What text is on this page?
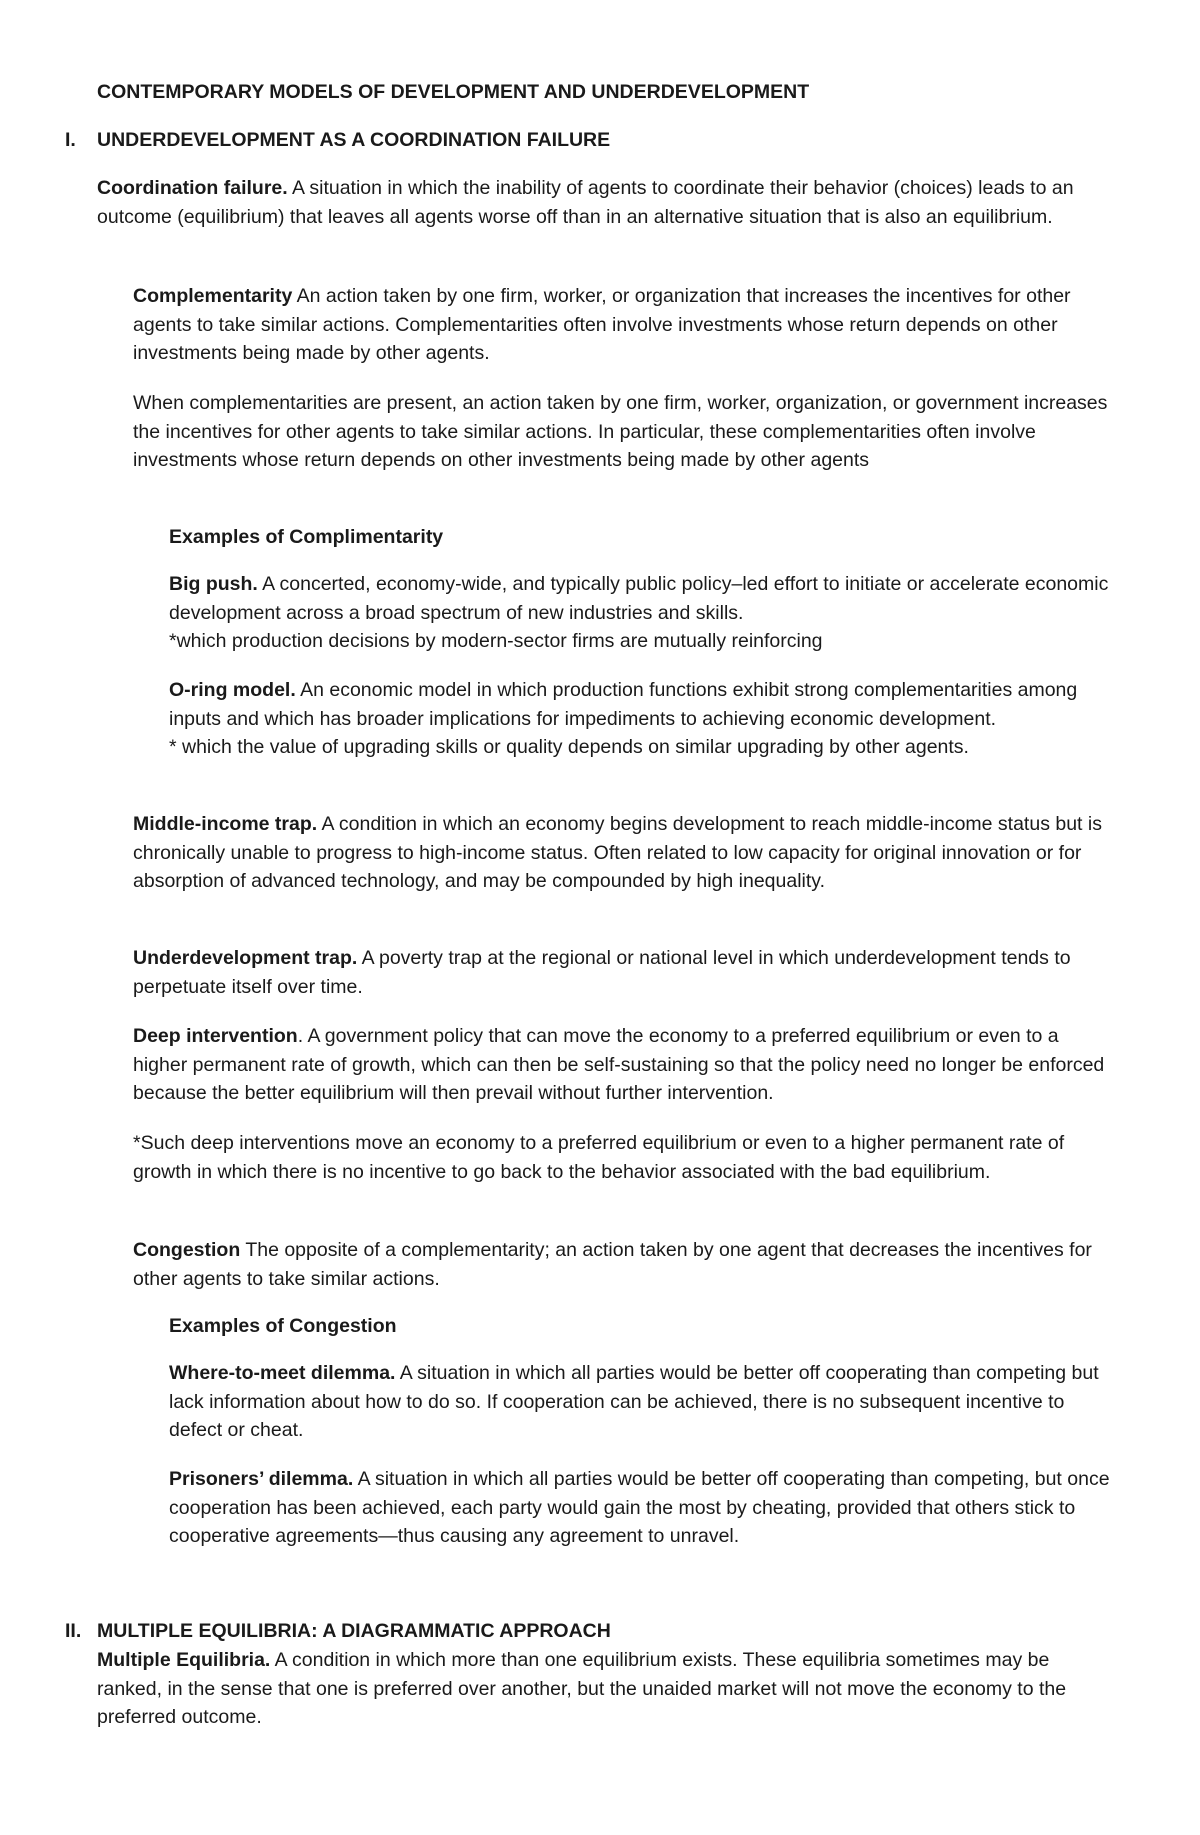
CONTEMPORARY MODELS OF DEVELOPMENT AND UNDERDEVELOPMENT
I. UNDERDEVELOPMENT AS A COORDINATION FAILURE

Coordination failure. A situation in which the inability of agents to coordinate their behavior (choices) leads to an outcome (equilibrium) that leaves all agents worse off than in an alternative situation that is also an equilibrium.

Complementarity An action taken by one firm, worker, or organization that increases the incentives for other agents to take similar actions. Complementarities often involve investments whose return depends on other investments being made by other agents.

When complementarities are present, an action taken by one firm, worker, organization, or government increases the incentives for other agents to take similar actions. In particular, these complementarities often involve investments whose return depends on other investments being made by other agents

Examples of Complimentarity

Big push. A concerted, economy-wide, and typically public policy–led effort to initiate or accelerate economic development across a broad spectrum of new industries and skills.
*which production decisions by modern-sector firms are mutually reinforcing

O-ring model. An economic model in which production functions exhibit strong complementarities among inputs and which has broader implications for impediments to achieving economic development.
* which the value of upgrading skills or quality depends on similar upgrading by other agents.

Middle-income trap. A condition in which an economy begins development to reach middle-income status but is chronically unable to progress to high-income status. Often related to low capacity for original innovation or for absorption of advanced technology, and may be compounded by high inequality.

Underdevelopment trap. A poverty trap at the regional or national level in which underdevelopment tends to perpetuate itself over time.

Deep intervention. A government policy that can move the economy to a preferred equilibrium or even to a higher permanent rate of growth, which can then be self-sustaining so that the policy need no longer be enforced because the better equilibrium will then prevail without further intervention.

*Such deep interventions move an economy to a preferred equilibrium or even to a higher permanent rate of growth in which there is no incentive to go back to the behavior associated with the bad equilibrium.

Congestion The opposite of a complementarity; an action taken by one agent that decreases the incentives for other agents to take similar actions.

Examples of Congestion

Where-to-meet dilemma. A situation in which all parties would be better off cooperating than competing but lack information about how to do so. If cooperation can be achieved, there is no subsequent incentive to defect or cheat.

Prisoners’ dilemma. A situation in which all parties would be better off cooperating than competing, but once cooperation has been achieved, each party would gain the most by cheating, provided that others stick to cooperative agreements—thus causing any agreement to unravel.

II. MULTIPLE EQUILIBRIA: A DIAGRAMMATIC APPROACH

Multiple Equilibria. A condition in which more than one equilibrium exists. These equilibria sometimes may be ranked, in the sense that one is preferred over another, but the unaided market will not move the economy to the preferred outcome.
